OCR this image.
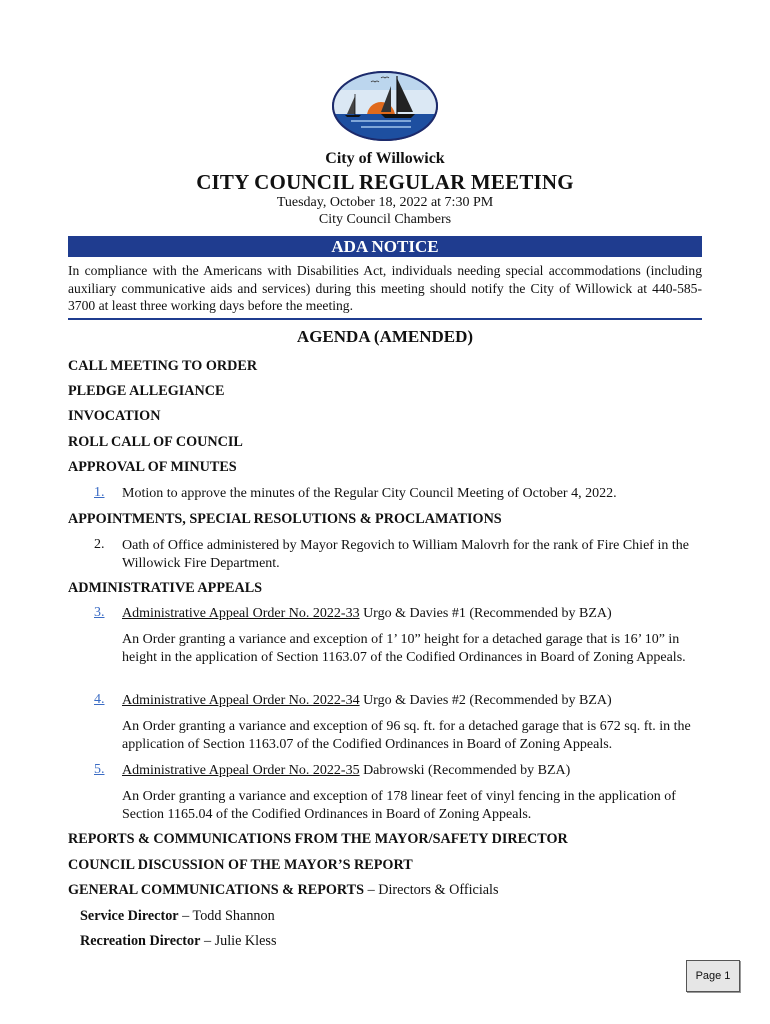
City of Willowick
CITY COUNCIL REGULAR MEETING
Tuesday, October 18, 2022 at 7:30 PM
City Council Chambers
ADA NOTICE
In compliance with the Americans with Disabilities Act, individuals needing special accommodations (including auxiliary communicative aids and services) during this meeting should notify the City of Willowick at 440-585-3700 at least three working days before the meeting.
AGENDA (AMENDED)
CALL MEETING TO ORDER
PLEDGE ALLEGIANCE
INVOCATION
ROLL CALL OF COUNCIL
APPROVAL OF MINUTES
1. Motion to approve the minutes of the Regular City Council Meeting of October 4, 2022.
APPOINTMENTS, SPECIAL RESOLUTIONS & PROCLAMATIONS
2. Oath of Office administered by Mayor Regovich to William Malovrh for the rank of Fire Chief in the Willowick Fire Department.
ADMINISTRATIVE APPEALS
3. Administrative Appeal Order No. 2022-33 Urgo & Davies #1 (Recommended by BZA)
An Order granting a variance and exception of 1’ 10” height for a detached garage that is 16’ 10” in height in the application of Section 1163.07 of the Codified Ordinances in Board of Zoning Appeals.
4. Administrative Appeal Order No. 2022-34 Urgo & Davies #2 (Recommended by BZA)
An Order granting a variance and exception of 96 sq. ft. for a detached garage that is 672 sq. ft. in the application of Section 1163.07 of the Codified Ordinances in Board of Zoning Appeals.
5. Administrative Appeal Order No. 2022-35 Dabrowski (Recommended by BZA)
An Order granting a variance and exception of 178 linear feet of vinyl fencing in the application of Section 1165.04 of the Codified Ordinances in Board of Zoning Appeals.
REPORTS & COMMUNICATIONS FROM THE MAYOR/SAFETY DIRECTOR
COUNCIL DISCUSSION OF THE MAYOR’S REPORT
GENERAL COMMUNICATIONS & REPORTS – Directors & Officials
Service Director – Todd Shannon
Recreation Director – Julie Kless
Page 1
